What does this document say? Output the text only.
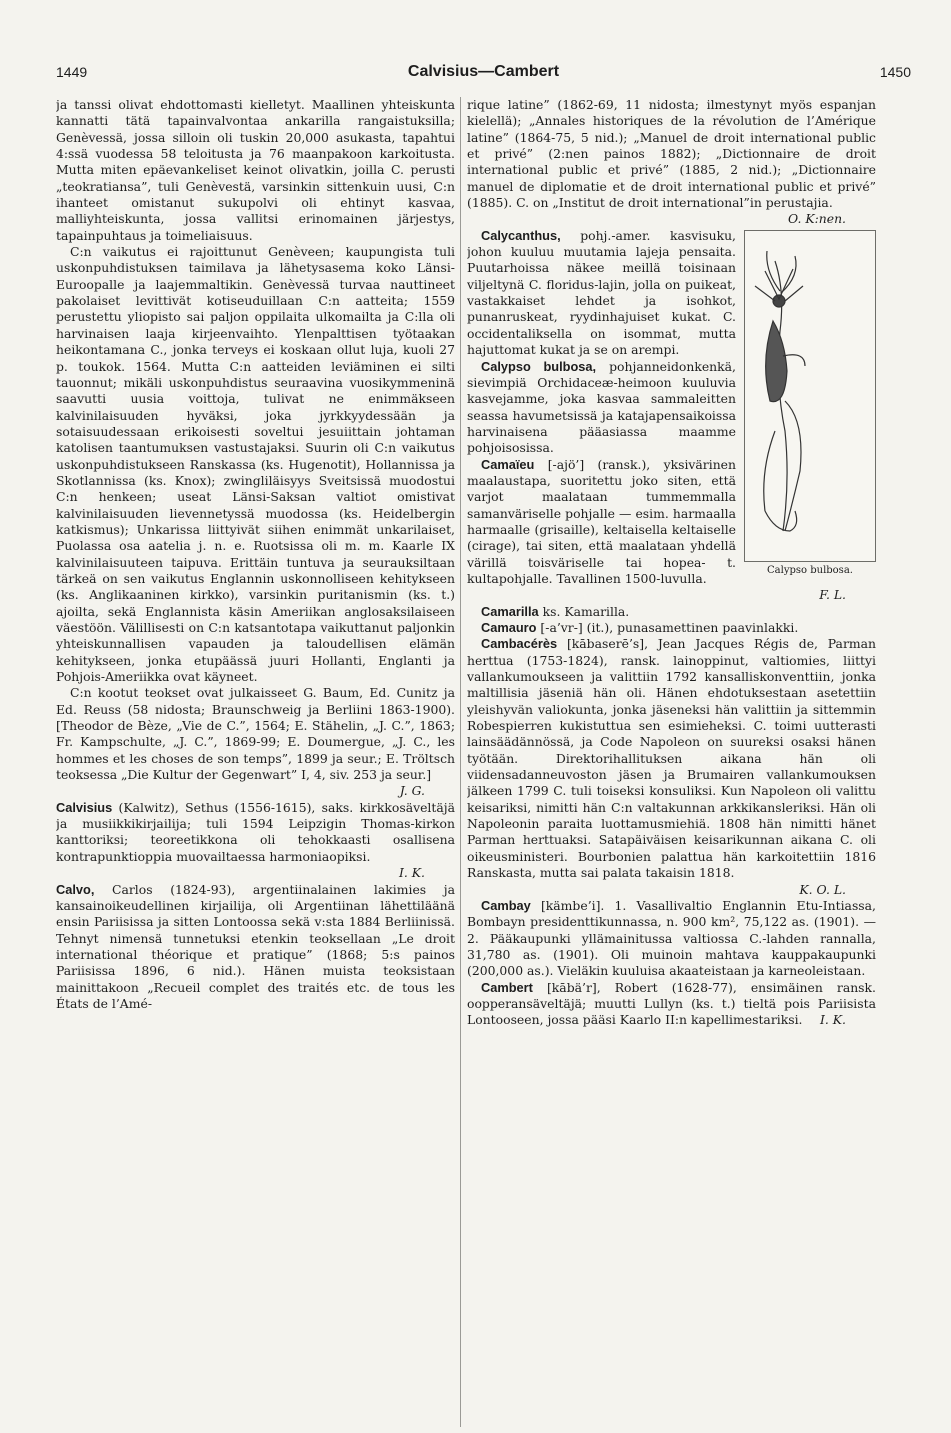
1449	Calvisius—Cambert	1450

ja tanssi olivat ehdottomasti kielletyt. Maallinen yhteiskunta kannatti tätä tapainvalvontaa ankarilla rangaistuksilla; Genèvessä, jossa silloin oli tuskin 20,000 asukasta, tapahtui 4:ssä vuodessa 58 teloitusta ja 76 maanpakoon karkoitusta. Mutta miten epäevankeliset keinot olivatkin, joilla C. perusti „teokratiansa”, tuli Genèvestä, varsinkin sittenkuin uusi, C:n ihanteet omistanut sukupolvi oli ehtinyt kasvaa, malliyhteiskunta, jossa vallitsi erinomainen järjestys, tapainpuhtaus ja toimeliaisuus.

C:n vaikutus ei rajoittunut Genèveen; kaupungista tuli uskonpuhdistuksen taimilava ja lähetysasema koko Länsi-Euroopalle ja laajemmaltikin. Genèvessä turvaa nauttineet pakolaiset levittivät kotiseuduillaan C:n aatteita; 1559 perustettu yliopisto sai paljon oppilaita ulkomailta ja C:lla oli harvinaisen laaja kirjeenvaihto. Ylenpalttisen työtaakan heikontamana C., jonka terveys ei koskaan ollut luja, kuoli 27 p. toukok. 1564. Mutta C:n aatteiden leviäminen ei silti tauonnut; mikäli uskonpuhdistus seuraavina vuosikymmeninä saavutti uusia voittoja, tulivat ne enimmäkseen kalvinilaisuuden hyväksi, joka jyrkkyydessään ja sotaisuudessaan erikoisesti soveltui jesuiittain johtaman katolisen taantumuksen vastustajaksi. Suurin oli C:n vaikutus uskonpuhdistukseen Ranskassa (ks. Hugenotit), Hollannissa ja Skotlannissa (ks. Knox); zwingliläisyys Sveitsissä muodostui C:n henkeen; useat Länsi-Saksan valtiot omistivat kalvinilaisuuden lievennetyssä muodossa (ks. Heidelbergin katkismus); Unkarissa liittyivät siihen enimmät unkarilaiset, Puolassa osa aatelia j. n. e. Ruotsissa oli m. m. Kaarle IX kalvinilaisuuteen taipuva. Erittäin tuntuva ja seurauksiltaan tärkeä on sen vaikutus Englannin uskonnolliseen kehitykseen (ks. Anglikaaninen kirkko), varsinkin puritanismin (ks. t.) ajoilta, sekä Englannista käsin Ameriikan anglosaksilaiseen väestöön. Välillisesti on C:n katsantotapa vaikuttanut paljonkin yhteiskunnallisen vapauden ja taloudellisen elämän kehitykseen, jonka etupäässä juuri Hollanti, Englanti ja Pohjois-Ameriikka ovat käyneet.

C:n kootut teokset ovat julkaisseet G. Baum, Ed. Cunitz ja Ed. Reuss (58 nidosta; Braunschweig ja Berliini 1863-1900). [Theodor de Bèze, „Vie de C.”, 1564; E. Stähelin, „J. C.”, 1863; Fr. Kampschulte, „J. C.”, 1869-99; E. Doumergue, „J. C., les hommes et les choses de son temps”, 1899 ja seur.; E. Tröltsch teoksessa „Die Kultur der Gegenwart” I, 4, siv. 253 ja seur.]

J. G.

Calvisius (Kalwitz), Sethus (1556-1615), saks. kirkkosäveltäjä ja musiikkikirjailija; tuli 1594 Leipzigin Thomas-kirkon kanttoriksi; teoreetikkona oli tehokkaasti osallisena kontrapunktioppia muovailtaessa harmoniaopiksi.

I. K.

Calvo, Carlos (1824-93), argentiinalainen lakimies ja kansainoikeudellinen kirjailija, oli Argentiinan lähettiläänä ensin Pariisissa ja sitten Lontoossa sekä v:sta 1884 Berliinissä. Tehnyt nimensä tunnetuksi etenkin teoksellaan „Le droit international théorique et pratique” (1868; 5:s painos Pariisissa 1896, 6 nid.). Hänen muista teoksistaan mainittakoon „Recueil complet des traités etc. de tous les États de l’Amé-

rique latine” (1862-69, 11 nidosta; ilmestynyt myös espanjan kielellä); „Annales historiques de la révolution de l’Amérique latine” (1864-75, 5 nid.); „Manuel de droit international public et privé” (2:nen painos 1882); „Dictionnaire de droit international public et privé” (1885, 2 nid.); „Dictionnaire manuel de diplomatie et de droit international public et privé” (1885). C. on „Institut de droit international”in perustajia.

O. K:nen.

Calypso bulbosa.

Calycanthus, pohj.-amer. kasvisuku, johon kuuluu muutamia lajeja pensaita. Puutarhoissa näkee meillä toisinaan viljeltynä C. floridus-lajin, jolla on puikeat, vastakkaiset lehdet ja isohkot, punanruskeat, ryydinhajuiset kukat. C. occidentaliksella on isommat, mutta hajuttomat kukat ja se on arempi.

Calypso bulbosa, pohjanneidonkenkä, sievimpiä Orchidaceæ-heimoon kuuluvia kasvejamme, joka kasvaa sammaleitten seassa havumetsissä ja katajapensaikoissa harvinaisena pääasiassa maamme pohjoisosissa.

Camaïeu [-ajö’] (ransk.), yksivärinen maalaustapa, suoritettu joko siten, että varjot maalataan tummemmalla samanväriselle pohjalle — esim. harmaalla harmaalle (grisaille), keltaisella keltaiselle (cirage), tai siten, että maalataan yhdellä värillä toisväriselle tai hopea- t. kultapohjalle. Tavallinen 1500-luvulla.

F. L.

Camarilla ks. Kamarilla.

Camauro [-a’vr-] (it.), punasamettinen paavinlakki.

Cambacérès [kābaserē’s], Jean Jacques Régis de, Parman herttua (1753-1824), ransk. lainoppinut, valtiomies, liittyi vallankumoukseen ja valittiin 1792 kansalliskonventtiin, jonka maltillisia jäseniä hän oli. Hänen ehdotuksestaan asetettiin yleishyvän valiokunta, jonka jäseneksi hän valittiin ja sittemmin Robespierren kukistuttua sen esimieheksi. C. toimi uutterasti lainsäädännössä, ja Code Napoleon on suureksi osaksi hänen työtään. Direktorihallituksen aikana hän oli viidensadanneuvoston jäsen ja Brumairen vallankumouksen jälkeen 1799 C. tuli toiseksi konsuliksi. Kun Napoleon oli valittu keisariksi, nimitti hän C:n valtakunnan arkkikansleriksi. Hän oli Napoleonin paraita luottamusmiehiä. 1808 hän nimitti hänet Parman herttuaksi. Satapäiväisen keisarikunnan aikana C. oli oikeusministeri. Bourbonien palattua hän karkoitettiin 1816 Ranskasta, mutta sai palata takaisin 1818.

K. O. L.

Cambay [kämbe’i]. 1. Vasallivaltio Englannin Etu-Intiassa, Bombayn presidenttikunnassa, n. 900 km², 75,122 as. (1901). — 2. Pääkaupunki yllämainitussa valtiossa C.-lahden rannalla, 31,780 as. (1901). Oli muinoin mahtava kauppakaupunki (200,000 as.). Vieläkin kuuluisa akaateistaan ja karneoleistaan.

Cambert [kābä’r], Robert (1628-77), ensimäinen ransk. oopperansäveltäjä; muutti Lullyn (ks. t.) tieltä pois Pariisista Lontooseen, jossa pääsi Kaarlo II:n kapellimestariksi.	I. K.
